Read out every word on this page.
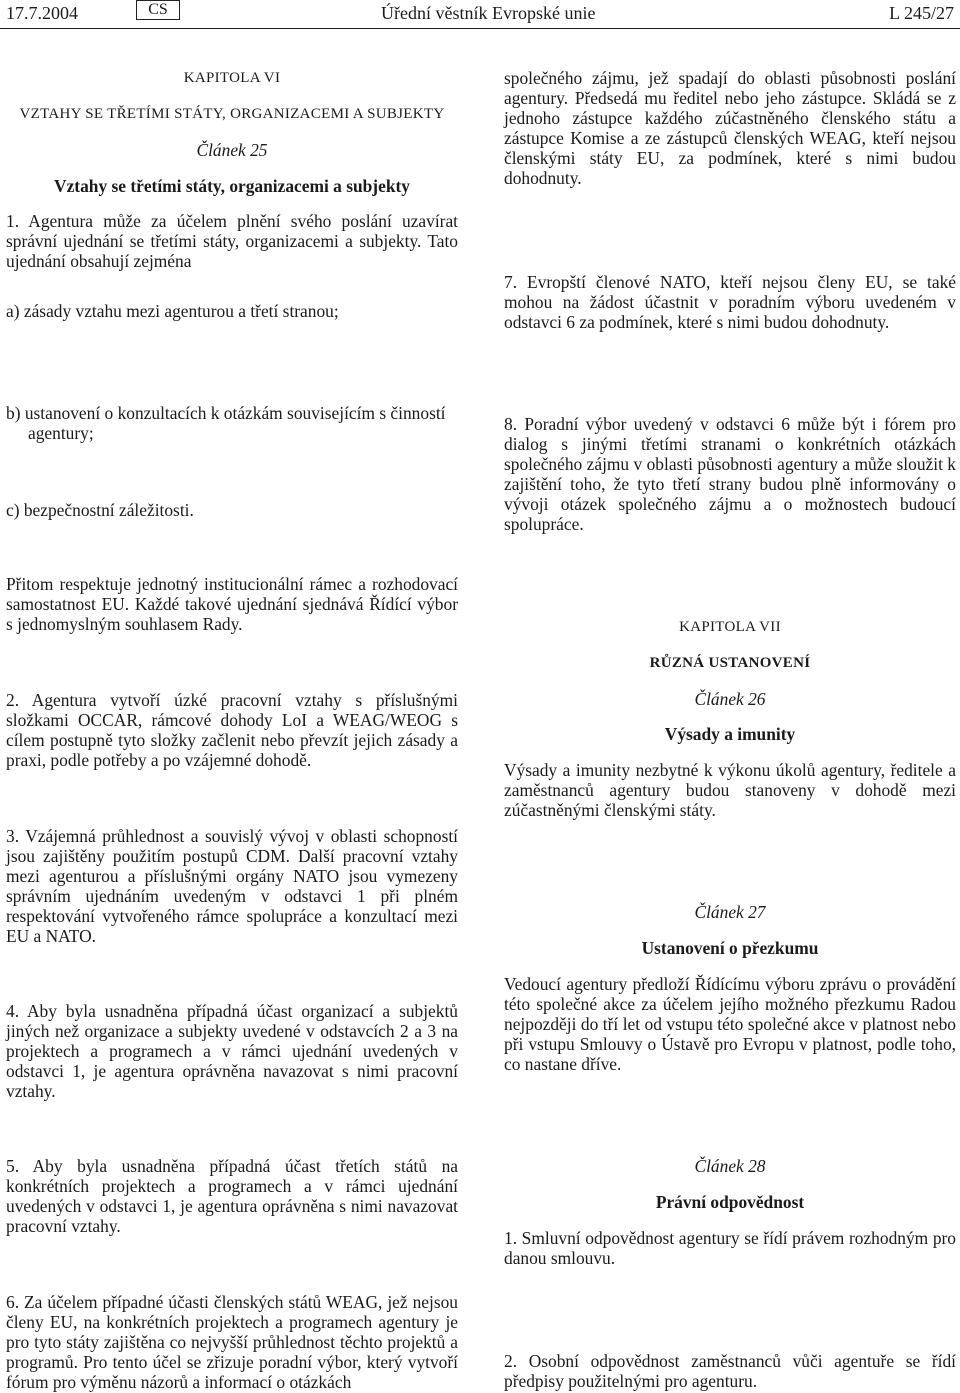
17.7.2004	CS	Úřední věstník Evropské unie	L 245/27

KAPITOLA VI

VZTAHY SE TŘETÍMI STÁTY, ORGANIZACEMI A SUBJEKTY

Článek 25

Vztahy se třetími státy, organizacemi a subjekty

1. Agentura může za účelem plnění svého poslání uzavírat správní ujednání se třetími státy, organizacemi a subjekty. Tato ujednání obsahují zejména

a) zásady vztahu mezi agenturou a třetí stranou;

b) ustanovení o konzultacích k otázkám souvisejícím s činností agentury;

c) bezpečnostní záležitosti.

Přitom respektuje jednotný institucionální rámec a rozhodovací samostatnost EU. Každé takové ujednání sjednává Řídící výbor s jednomyslným souhlasem Rady.

2. Agentura vytvoří úzké pracovní vztahy s příslušnými složkami OCCAR, rámcové dohody LoI a WEAG/WEOG s cílem postupně tyto složky začlenit nebo převzít jejich zásady a praxi, podle potřeby a po vzájemné dohodě.

3. Vzájemná průhlednost a souvislý vývoj v oblasti schopností jsou zajištěny použitím postupů CDM. Další pracovní vztahy mezi agenturou a příslušnými orgány NATO jsou vymezeny správním ujednáním uvedeným v odstavci 1 při plném respektování vytvořeného rámce spolupráce a konzultací mezi EU a NATO.

4. Aby byla usnadněna případná účast organizací a subjektů jiných než organizace a subjekty uvedené v odstavcích 2 a 3 na projektech a programech a v rámci ujednání uvedených v odstavci 1, je agentura oprávněna navazovat s nimi pracovní vztahy.

5. Aby byla usnadněna případná účast třetích států na konkrétních projektech a programech a v rámci ujednání uvedených v odstavci 1, je agentura oprávněna s nimi navazovat pracovní vztahy.

6. Za účelem případné účasti členských států WEAG, jež nejsou členy EU, na konkrétních projektech a programech agentury je pro tyto státy zajištěna co nejvyšší průhlednost těchto projektů a programů. Pro tento účel se zřizuje poradní výbor, který vytvoří fórum pro výměnu názorů a informací o otázkách

společného zájmu, jež spadají do oblasti působnosti poslání agentury. Předsedá mu ředitel nebo jeho zástupce. Skládá se z jednoho zástupce každého zúčastněného členského státu a zástupce Komise a ze zástupců členských WEAG, kteří nejsou členskými státy EU, za podmínek, které s nimi budou dohodnuty.

7. Evropští členové NATO, kteří nejsou členy EU, se také mohou na žádost účastnit v poradním výboru uvedeném v odstavci 6 za podmínek, které s nimi budou dohodnuty.

8. Poradní výbor uvedený v odstavci 6 může být i fórem pro dialog s jinými třetími stranami o konkrétních otázkách společného zájmu v oblasti působnosti agentury a může sloužit k zajištění toho, že tyto třetí strany budou plně informovány o vývoji otázek společného zájmu a o možnostech budoucí spolupráce.

KAPITOLA VII

RŮZNÁ USTANOVENÍ

Článek 26

Výsady a imunity

Výsady a imunity nezbytné k výkonu úkolů agentury, ředitele a zaměstnanců agentury budou stanoveny v dohodě mezi zúčastněnými členskými státy.

Článek 27

Ustanovení o přezkumu

Vedoucí agentury předloží Řídícímu výboru zprávu o provádění této společné akce za účelem jejího možného přezkumu Radou nejpozději do tří let od vstupu této společné akce v platnost nebo při vstupu Smlouvy o Ústavě pro Evropu v platnost, podle toho, co nastane dříve.

Článek 28

Právní odpovědnost

1. Smluvní odpovědnost agentury se řídí právem rozhodným pro danou smlouvu.

2. Osobní odpovědnost zaměstnanců vůči agentuře se řídí předpisy použitelnými pro agenturu.
